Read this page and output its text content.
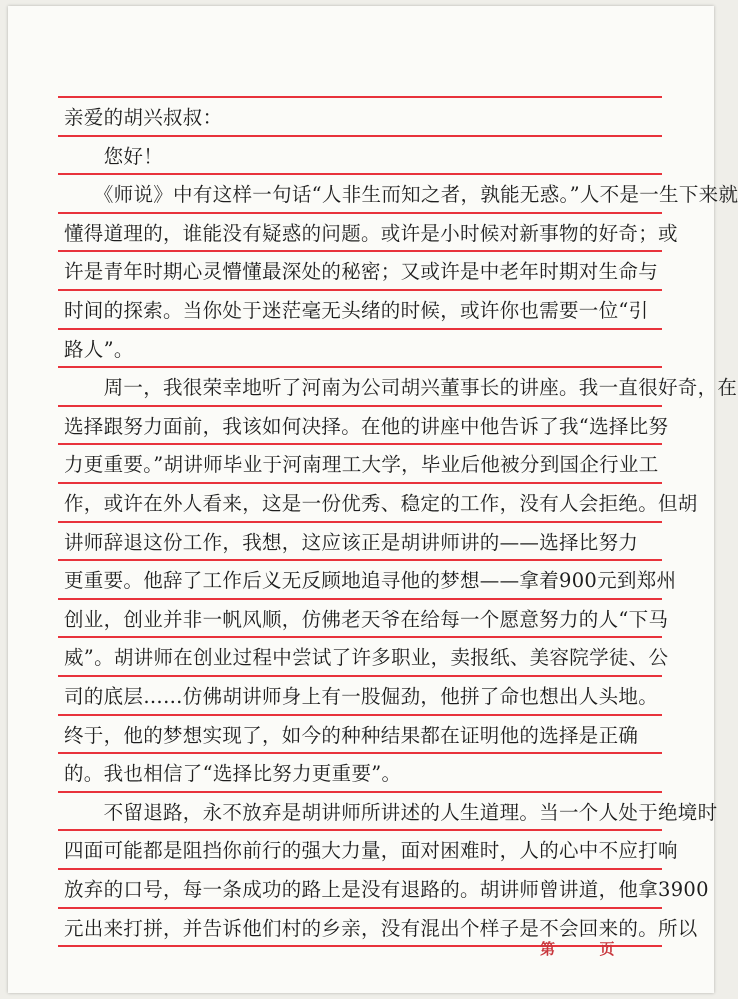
亲爱的胡兴叔叔：
　　您好！
　　《师说》中有这样一句话“人非生而知之者，孰能无惑。”人不是一生下来就
懂得道理的，谁能没有疑惑的问题。或许是小时候对新事物的好奇；或
许是青年时期心灵懵懂最深处的秘密；又或许是中老年时期对生命与
时间的探索。当你处于迷茫毫无头绪的时候，或许你也需要一位“引
路人”。
　　周一，我很荣幸地听了河南为公司胡兴董事长的讲座。我一直很好奇，在
选择跟努力面前，我该如何决择。在他的讲座中他告诉了我“选择比努
力更重要。”胡讲师毕业于河南理工大学，毕业后他被分到国企行业工
作，或许在外人看来，这是一份优秀、稳定的工作，没有人会拒绝。但胡
讲师辞退这份工作，我想，这应该正是胡讲师讲的——选择比努力
更重要。他辞了工作后义无反顾地追寻他的梦想——拿着900元到郑州
创业，创业并非一帆风顺，仿佛老天爷在给每一个愿意努力的人“下马
威”。胡讲师在创业过程中尝试了许多职业，卖报纸、美容院学徒、公
司的底层……仿佛胡讲师身上有一股倔劲，他拼了命也想出人头地。
终于，他的梦想实现了，如今的种种结果都在证明他的选择是正确
的。我也相信了“选择比努力更重要”。
　　不留退路，永不放弃是胡讲师所讲述的人生道理。当一个人处于绝境时
四面可能都是阻挡你前行的强大力量，面对困难时，人的心中不应打响
放弃的口号，每一条成功的路上是没有退路的。胡讲师曾讲道，他拿3900
元出来打拼，并告诉他们村的乡亲，没有混出个样子是不会回来的。所以
第	页
